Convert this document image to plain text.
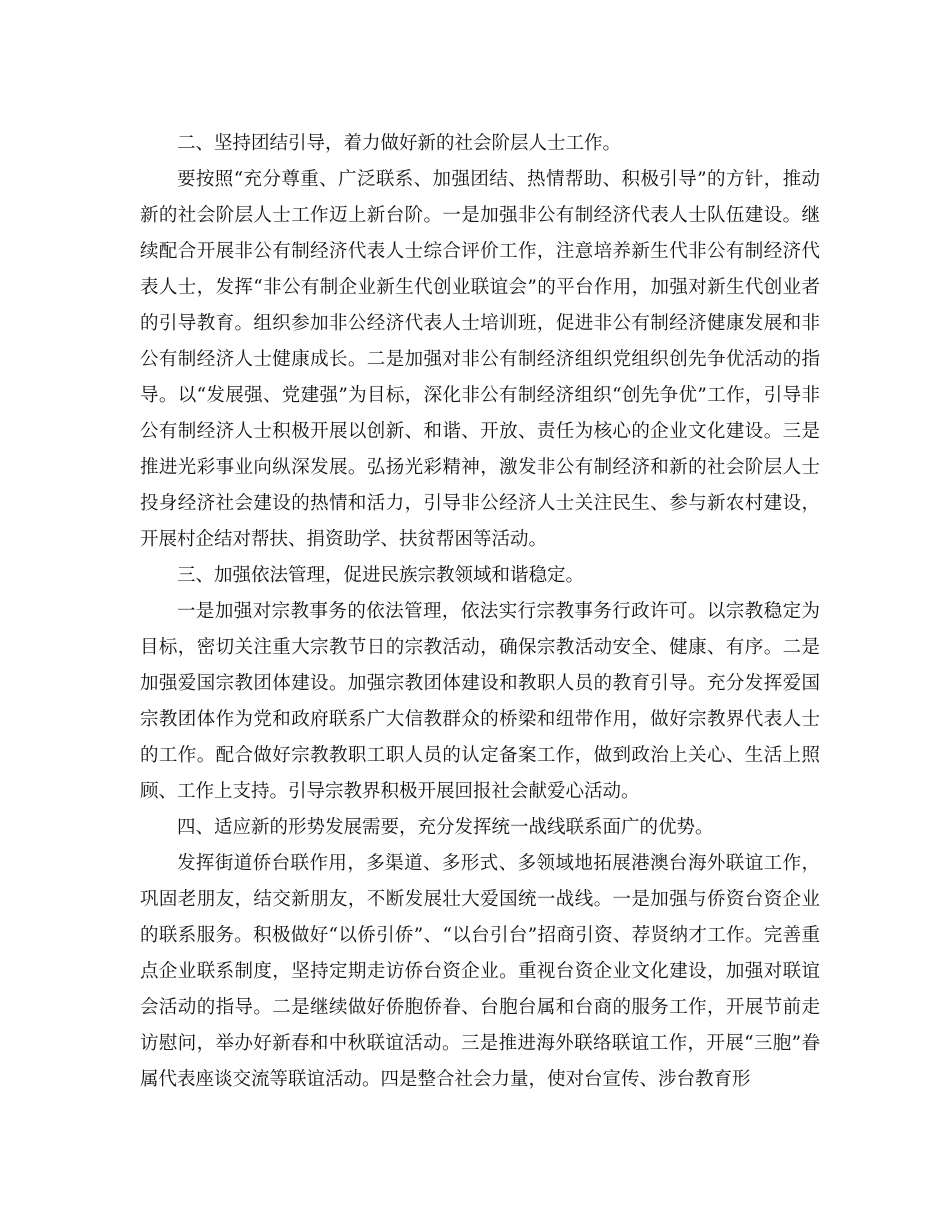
二、坚持团结引导，着力做好新的社会阶层人士工作。

要按照“充分尊重、广泛联系、加强团结、热情帮助、积极引导”的方针，推动新的社会阶层人士工作迈上新台阶。一是加强非公有制经济代表人士队伍建设。继续配合开展非公有制经济代表人士综合评价工作，注意培养新生代非公有制经济代表人士，发挥“非公有制企业新生代创业联谊会”的平台作用，加强对新生代创业者的引导教育。组织参加非公经济代表人士培训班，促进非公有制经济健康发展和非公有制经济人士健康成长。二是加强对非公有制经济组织党组织创先争优活动的指导。以“发展强、党建强”为目标，深化非公有制经济组织“创先争优”工作，引导非公有制经济人士积极开展以创新、和谐、开放、责任为核心的企业文化建设。三是推进光彩事业向纵深发展。弘扬光彩精神，激发非公有制经济和新的社会阶层人士投身经济社会建设的热情和活力，引导非公经济人士关注民生、参与新农村建设，开展村企结对帮扶、捐资助学、扶贫帮困等活动。

三、加强依法管理，促进民族宗教领域和谐稳定。

一是加强对宗教事务的依法管理，依法实行宗教事务行政许可。以宗教稳定为目标，密切关注重大宗教节日的宗教活动，确保宗教活动安全、健康、有序。二是加强爱国宗教团体建设。加强宗教团体建设和教职人员的教育引导。充分发挥爱国宗教团体作为党和政府联系广大信教群众的桥梁和纽带作用，做好宗教界代表人士的工作。配合做好宗教教职工职人员的认定备案工作，做到政治上关心、生活上照顾、工作上支持。引导宗教界积极开展回报社会献爱心活动。

四、适应新的形势发展需要，充分发挥统一战线联系面广的优势。

发挥街道侨台联作用，多渠道、多形式、多领域地拓展港澳台海外联谊工作，巩固老朋友，结交新朋友，不断发展壮大爱国统一战线。一是加强与侨资台资企业的联系服务。积极做好“以侨引侨”、“以台引台”招商引资、荐贤纳才工作。完善重点企业联系制度，坚持定期走访侨台资企业。重视台资企业文化建设，加强对联谊会活动的指导。二是继续做好侨胞侨眷、台胞台属和台商的服务工作，开展节前走访慰问，举办好新春和中秋联谊活动。三是推进海外联络联谊工作，开展“三胞”眷属代表座谈交流等联谊活动。四是整合社会力量，使对台宣传、涉台教育形
